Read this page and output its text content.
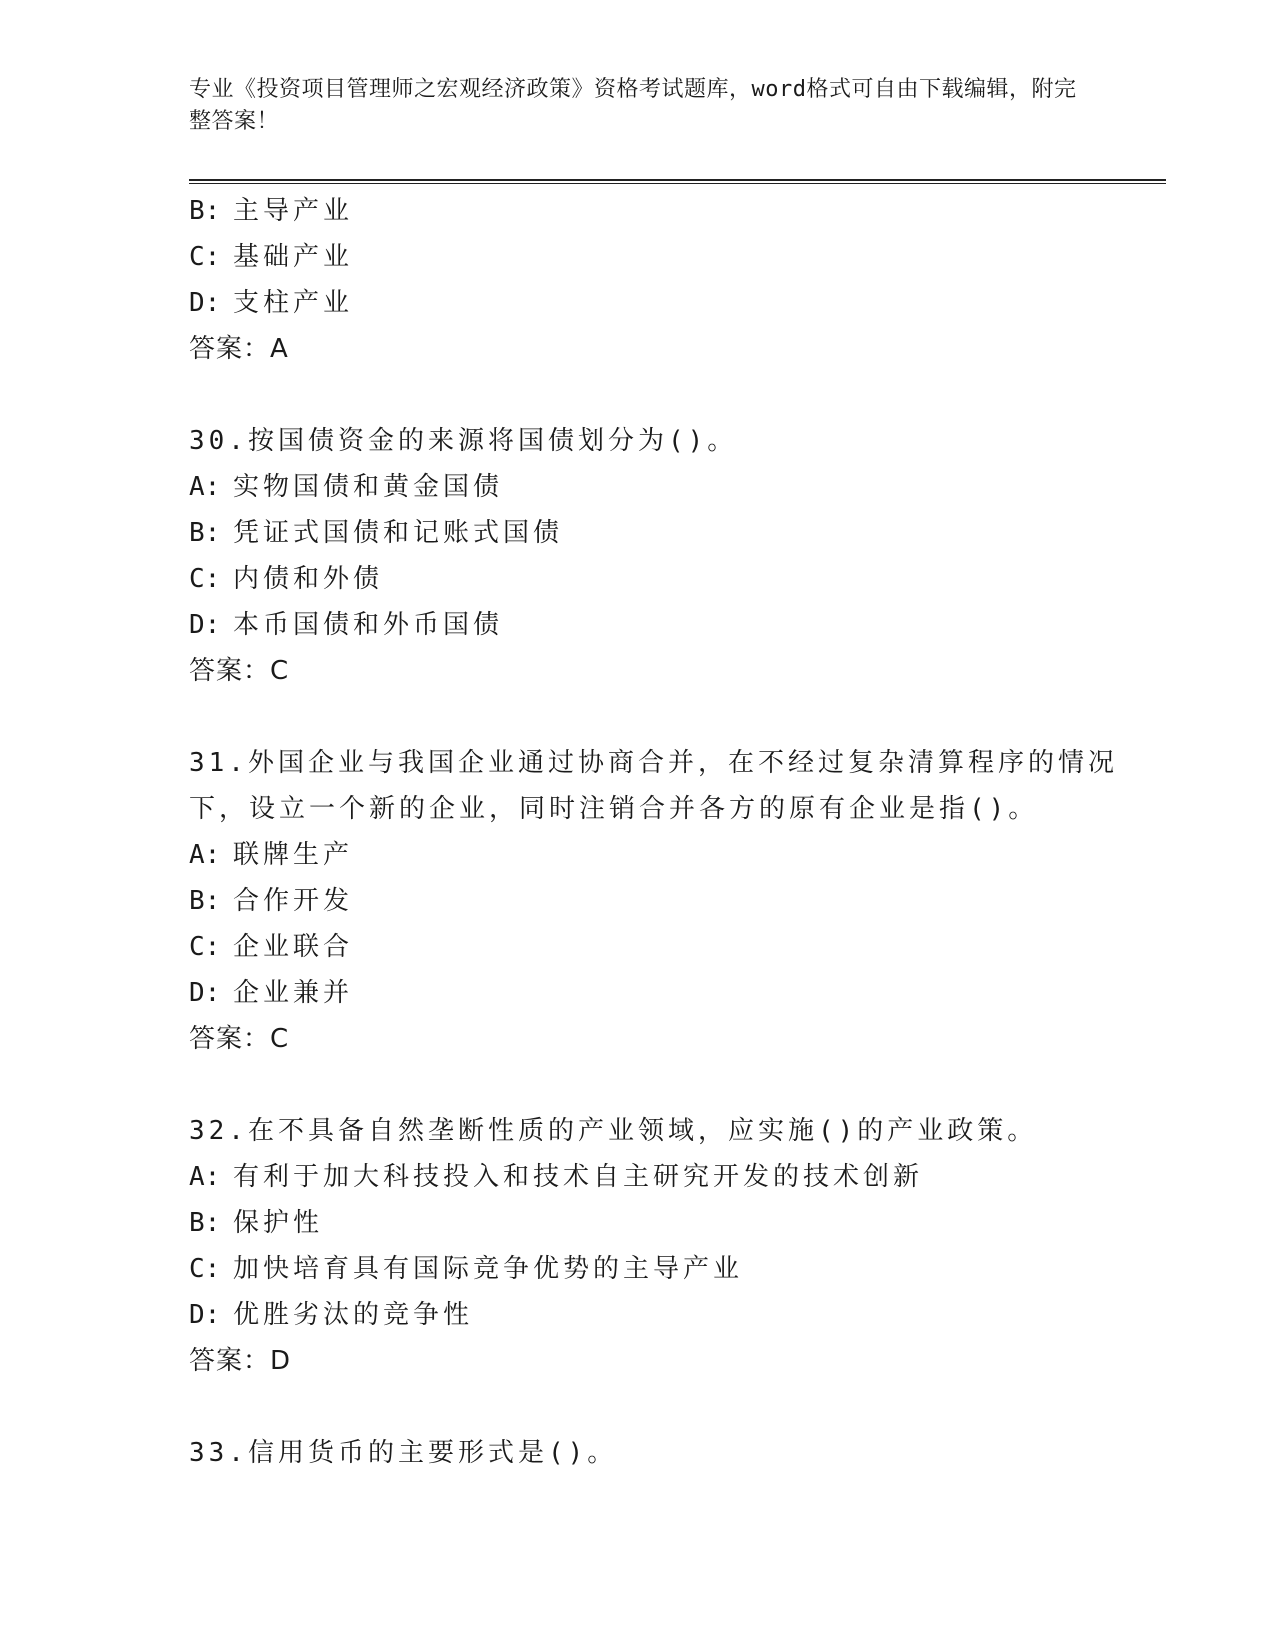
专业《投资项目管理师之宏观经济政策》资格考试题库，word格式可自由下载编辑，附完整答案！
B: 主导产业
C: 基础产业
D: 支柱产业
答案：A
30.按国债资金的来源将国债划分为()。
A: 实物国债和黄金国债
B: 凭证式国债和记账式国债
C: 内债和外债
D: 本币国债和外币国债
答案：C
31.外国企业与我国企业通过协商合并，在不经过复杂清算程序的情况
下，设立一个新的企业，同时注销合并各方的原有企业是指()。
A: 联牌生产
B: 合作开发
C: 企业联合
D: 企业兼并
答案：C
32.在不具备自然垄断性质的产业领域，应实施()的产业政策。
A: 有利于加大科技投入和技术自主研究开发的技术创新
B: 保护性
C: 加快培育具有国际竞争优势的主导产业
D: 优胜劣汰的竞争性
答案：D
33.信用货币的主要形式是()。
